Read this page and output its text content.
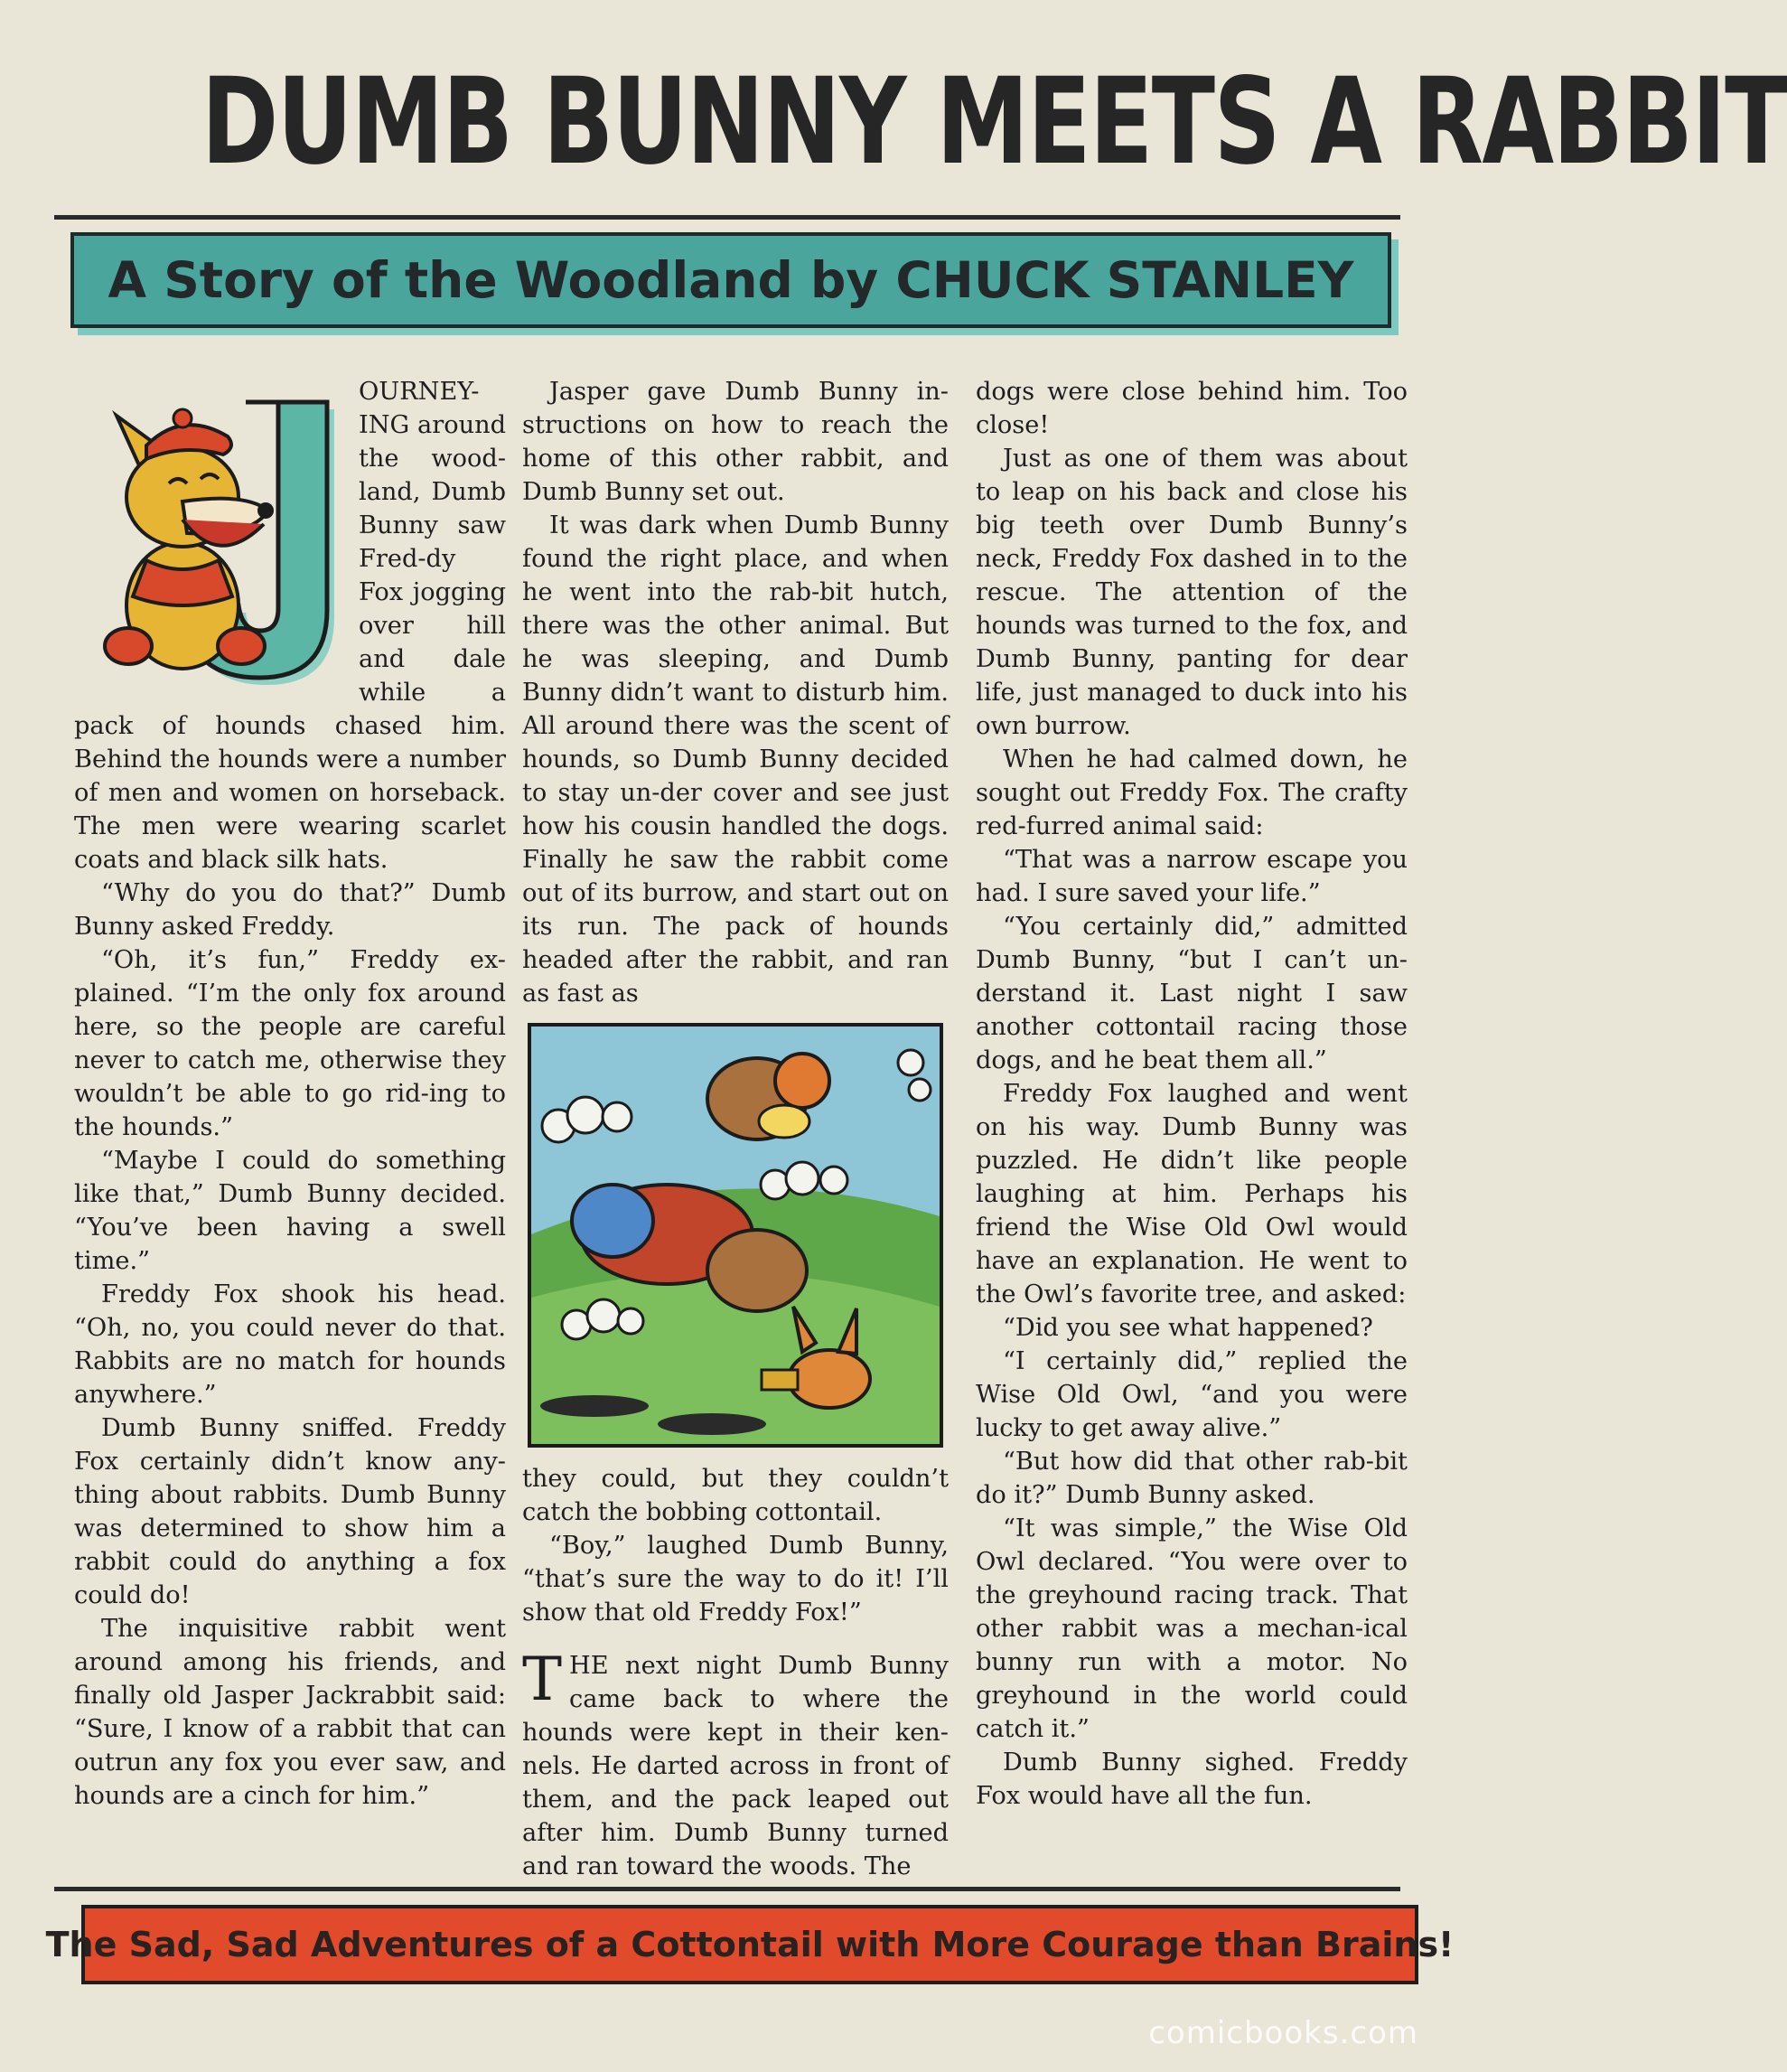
DUMB BUNNY MEETS A RABBIT
A Story of the Woodland by CHUCK STANLEY
J

OURNEY-ING around the wood-land, Dumb Bunny saw Fred-dy Fox jogging over hill and dale while a pack of hounds chased him. Behind the hounds were a number of men and women on horseback. The men were wearing scarlet coats and black silk hats.

“Why do you do that?” Dumb Bunny asked Freddy.

“Oh, it’s fun,” Freddy ex-plained. “I’m the only fox around here, so the people are careful never to catch me, otherwise they wouldn’t be able to go rid-ing to the hounds.”

“Maybe I could do something like that,” Dumb Bunny decided. “You’ve been having a swell time.”

Freddy Fox shook his head. “Oh, no, you could never do that. Rabbits are no match for hounds anywhere.”

Dumb Bunny sniffed. Freddy Fox certainly didn’t know any-thing about rabbits. Dumb Bunny was determined to show him a rabbit could do anything a fox could do!

The inquisitive rabbit went around among his friends, and finally old Jasper Jackrabbit said: “Sure, I know of a rabbit that can outrun any fox you ever saw, and hounds are a cinch for him.”

Jasper gave Dumb Bunny in-structions on how to reach the home of this other rabbit, and Dumb Bunny set out.

It was dark when Dumb Bunny found the right place, and when he went into the rab-bit hutch, there was the other animal. But he was sleeping, and Dumb Bunny didn’t want to disturb him. All around there was the scent of hounds, so Dumb Bunny decided to stay un-der cover and see just how his cousin handled the dogs. Finally he saw the rabbit come out of its burrow, and start out on its run. The pack of hounds headed after the rabbit, and ran as fast as

they could, but they couldn’t catch the bobbing cottontail.

“Boy,” laughed Dumb Bunny, “that’s sure the way to do it! I’ll show that old Freddy Fox!”

T HE next night Dumb Bunny came back to where the hounds were kept in their ken-nels. He darted across in front of them, and the pack leaped out after him. Dumb Bunny turned and ran toward the woods. The

dogs were close behind him. Too close!

Just as one of them was about to leap on his back and close his big teeth over Dumb Bunny’s neck, Freddy Fox dashed in to the rescue. The attention of the hounds was turned to the fox, and Dumb Bunny, panting for dear life, just managed to duck into his own burrow.

When he had calmed down, he sought out Freddy Fox. The crafty red-furred animal said:

“That was a narrow escape you had. I sure saved your life.”

“You certainly did,” admitted Dumb Bunny, “but I can’t un-derstand it. Last night I saw another cottontail racing those dogs, and he beat them all.”

Freddy Fox laughed and went on his way. Dumb Bunny was puzzled. He didn’t like people laughing at him. Perhaps his friend the Wise Old Owl would have an explanation. He went to the Owl’s favorite tree, and asked:

“Did you see what happened?

“I certainly did,” replied the Wise Old Owl, “and you were lucky to get away alive.”

“But how did that other rab-bit do it?” Dumb Bunny asked.

“It was simple,” the Wise Old Owl declared. “You were over to the greyhound racing track. That other rabbit was a mechan-ical bunny run with a motor. No greyhound in the world could catch it.”

Dumb Bunny sighed. Freddy Fox would have all the fun.

The Sad, Sad Adventures of a Cottontail with More Courage than Brains!
comicbooks.com
